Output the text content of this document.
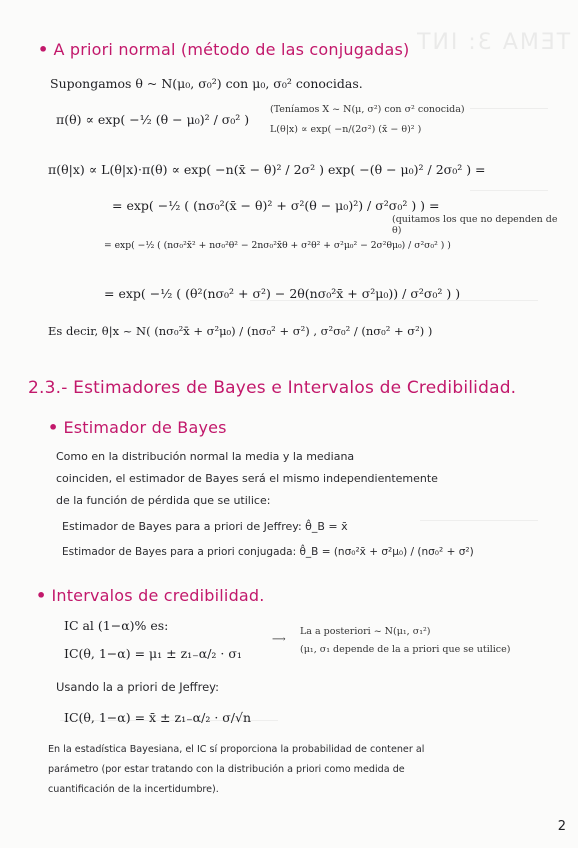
TEMA 3: INT
• A priori normal (método de las conjugadas)
Supongamos θ ~ N(μ₀, σ₀²) con μ₀, σ₀² conocidas.
π(θ) ∝ exp( −½ (θ − μ₀)² / σ₀² )
(Teníamos X ~ N(μ, σ²) con σ² conocida)
L(θ|x) ∝ exp( −n/(2σ²) (x̄ − θ)² )
π(θ|x) ∝ L(θ|x)·π(θ) ∝ exp( −n(x̄ − θ)² / 2σ² ) exp( −(θ − μ₀)² / 2σ₀² ) =
= exp( −½ ( (nσ₀²(x̄ − θ)² + σ²(θ − μ₀)²) / σ²σ₀² ) ) =
(quitamos los que no dependen de θ)
= exp( −½ ( (nσ₀²x̄² + nσ₀²θ² − 2nσ₀²x̄θ + σ²θ² + σ²μ₀² − 2σ²θμ₀) / σ²σ₀² ) )
= exp( −½ ( (θ²(nσ₀² + σ²) − 2θ(nσ₀²x̄ + σ²μ₀)) / σ²σ₀² ) )
Es decir, θ|x ~ N( (nσ₀²x̄ + σ²μ₀) / (nσ₀² + σ²) , σ²σ₀² / (nσ₀² + σ²) )
2.3.- Estimadores de Bayes e Intervalos de Credibilidad.
• Estimador de Bayes
Como en la distribución normal la media y la mediana
coinciden, el estimador de Bayes será el mismo independientemente
de la función de pérdida que se utilice:
Estimador de Bayes para a priori de Jeffrey: θ̂_B = x̄
Estimador de Bayes para a priori conjugada: θ̂_B = (nσ₀²x̄ + σ²μ₀) / (nσ₀² + σ²)
• Intervalos de credibilidad.
IC al (1−α)% es:
IC(θ, 1−α) = μ₁ ± z₁₋α/₂ · σ₁
⟶
La a posteriori ~ N(μ₁, σ₁²)
(μ₁, σ₁ depende de la a priori que se utilice)
Usando la a priori de Jeffrey:
IC(θ, 1−α) = x̄ ± z₁₋α/₂ · σ/√n
En la estadística Bayesiana, el IC sí proporciona la probabilidad de contener al
parámetro (por estar tratando con la distribución a priori como medida de
cuantificación de la incertidumbre).
2
